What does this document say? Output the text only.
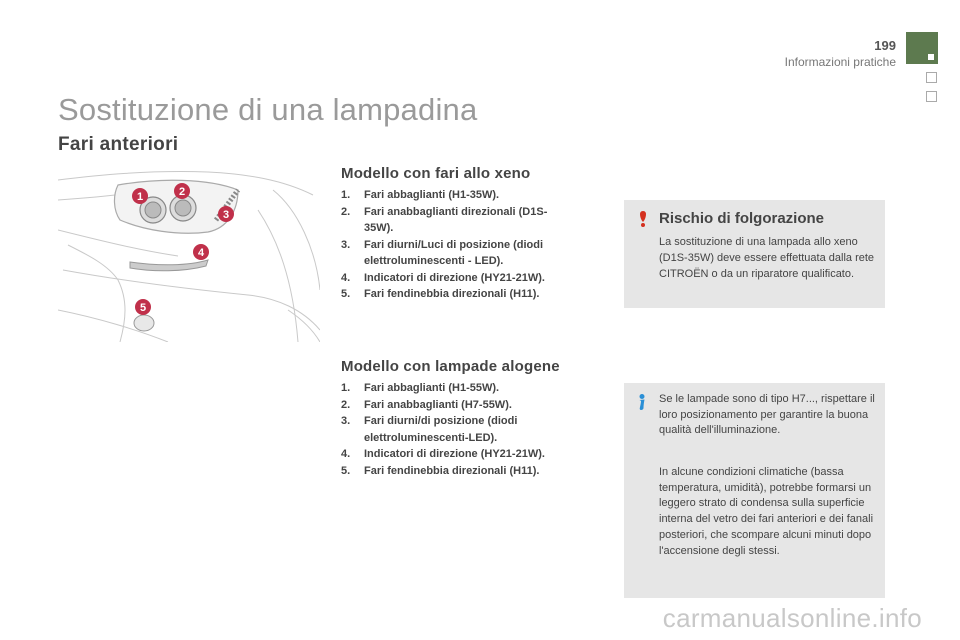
199
Informazioni pratiche
Sostituzione di una lampadina
Fari anteriori
1	2
3
4
5
Modello con fari allo xeno
1.	Fari abbaglianti (H1-35W).
2.	Fari anabbaglianti direzionali (D1S-35W).
3.	Fari diurni/Luci di posizione (diodi elettroluminescenti - LED).
4.	Indicatori di direzione (HY21-21W).
5.	Fari fendinebbia direzionali (H11).
Modello con lampade alogene
1.	Fari abbaglianti (H1-55W).
2.	Fari anabbaglianti (H7-55W).
3.	Fari diurni/di posizione (diodi elettroluminescenti-LED).
4.	Indicatori di direzione (HY21-21W).
5.	Fari fendinebbia direzionali (H11).
Rischio di folgorazione
La sostituzione di una lampada allo xeno (D1S-35W) deve essere effettuata dalla rete CITROËN o da un riparatore qualificato.

Se le lampade sono di tipo H7..., rispettare il loro posizionamento per garantire la buona qualità dell'illuminazione.

In alcune condizioni climatiche (bassa temperatura, umidità), potrebbe formarsi un leggero strato di condensa sulla superficie interna del vetro dei fari anteriori e dei fanali posteriori, che scompare alcuni minuti dopo l'accensione degli stessi.

carmanualsonline.info
